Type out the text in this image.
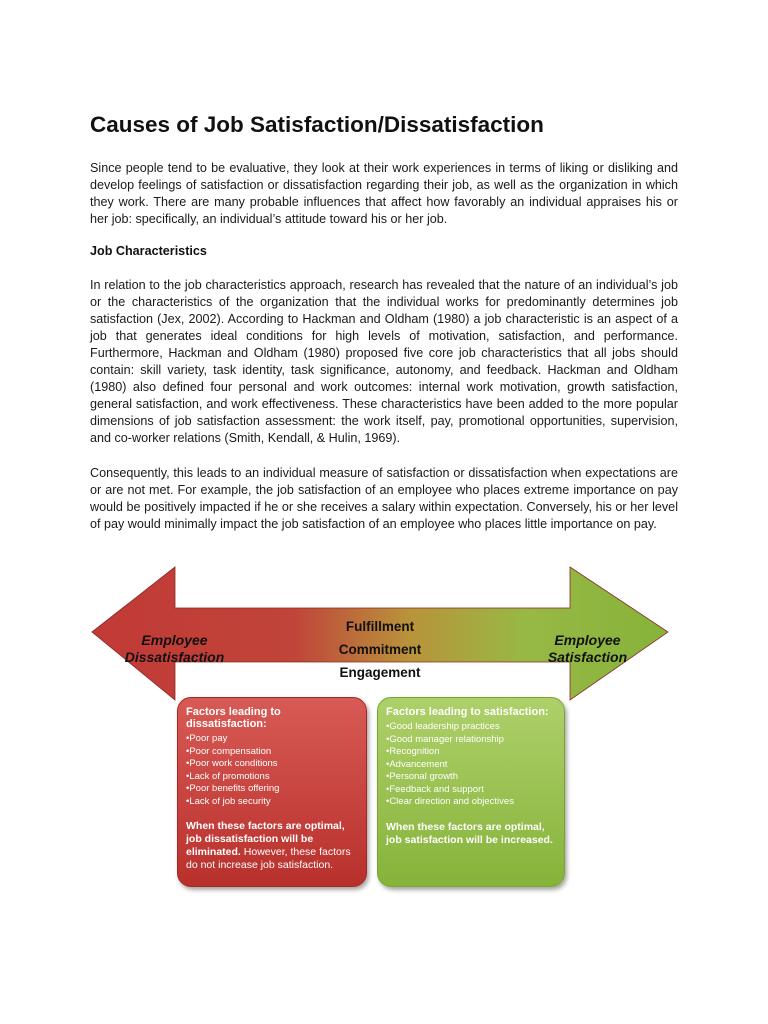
Causes of Job Satisfaction/Dissatisfaction

Since people tend to be evaluative, they look at their work experiences in terms of liking or disliking and develop feelings of satisfaction or dissatisfaction regarding their job, as well as the organization in which they work. There are many probable influences that affect how favorably an individual appraises his or her job: specifically, an individual’s attitude toward his or her job.

Job Characteristics

In relation to the job characteristics approach, research has revealed that the nature of an individual’s job or the characteristics of the organization that the individual works for predominantly determines job satisfaction (Jex, 2002). According to Hackman and Oldham (1980) a job characteristic is an aspect of a job that generates ideal conditions for high levels of motivation, satisfaction, and performance. Furthermore, Hackman and Oldham (1980) proposed five core job characteristics that all jobs should contain: skill variety, task identity, task significance, autonomy, and feedback. Hackman and Oldham (1980) also defined four personal and work outcomes: internal work motivation, growth satisfaction, general satisfaction, and work effectiveness. These characteristics have been added to the more popular dimensions of job satisfaction assessment: the work itself, pay, promotional opportunities, supervision, and co-worker relations (Smith, Kendall, & Hulin, 1969).

Consequently, this leads to an individual measure of satisfaction or dissatisfaction when expectations are or are not met. For example, the job satisfaction of an employee who places extreme importance on pay would be positively impacted if he or she receives a salary within expectation. Conversely, his or her level of pay would minimally impact the job satisfaction of an employee who places little importance on pay.

Employee
Dissatisfaction
Employee
Satisfaction
Fulfillment
Commitment
Engagement
Factors leading to dissatisfaction:
•Poor pay
•Poor compensation
•Poor work conditions
•Lack of promotions
•Poor benefits offering
•Lack of job security
When these factors are optimal, job dissatisfaction will be eliminated. However, these factors do not increase job satisfaction.
Factors leading to satisfaction:
•Good leadership practices
•Good manager relationship
•Recognition
•Advancement
•Personal growth
•Feedback and support
•Clear direction and objectives
When these factors are optimal, job satisfaction will be increased.
